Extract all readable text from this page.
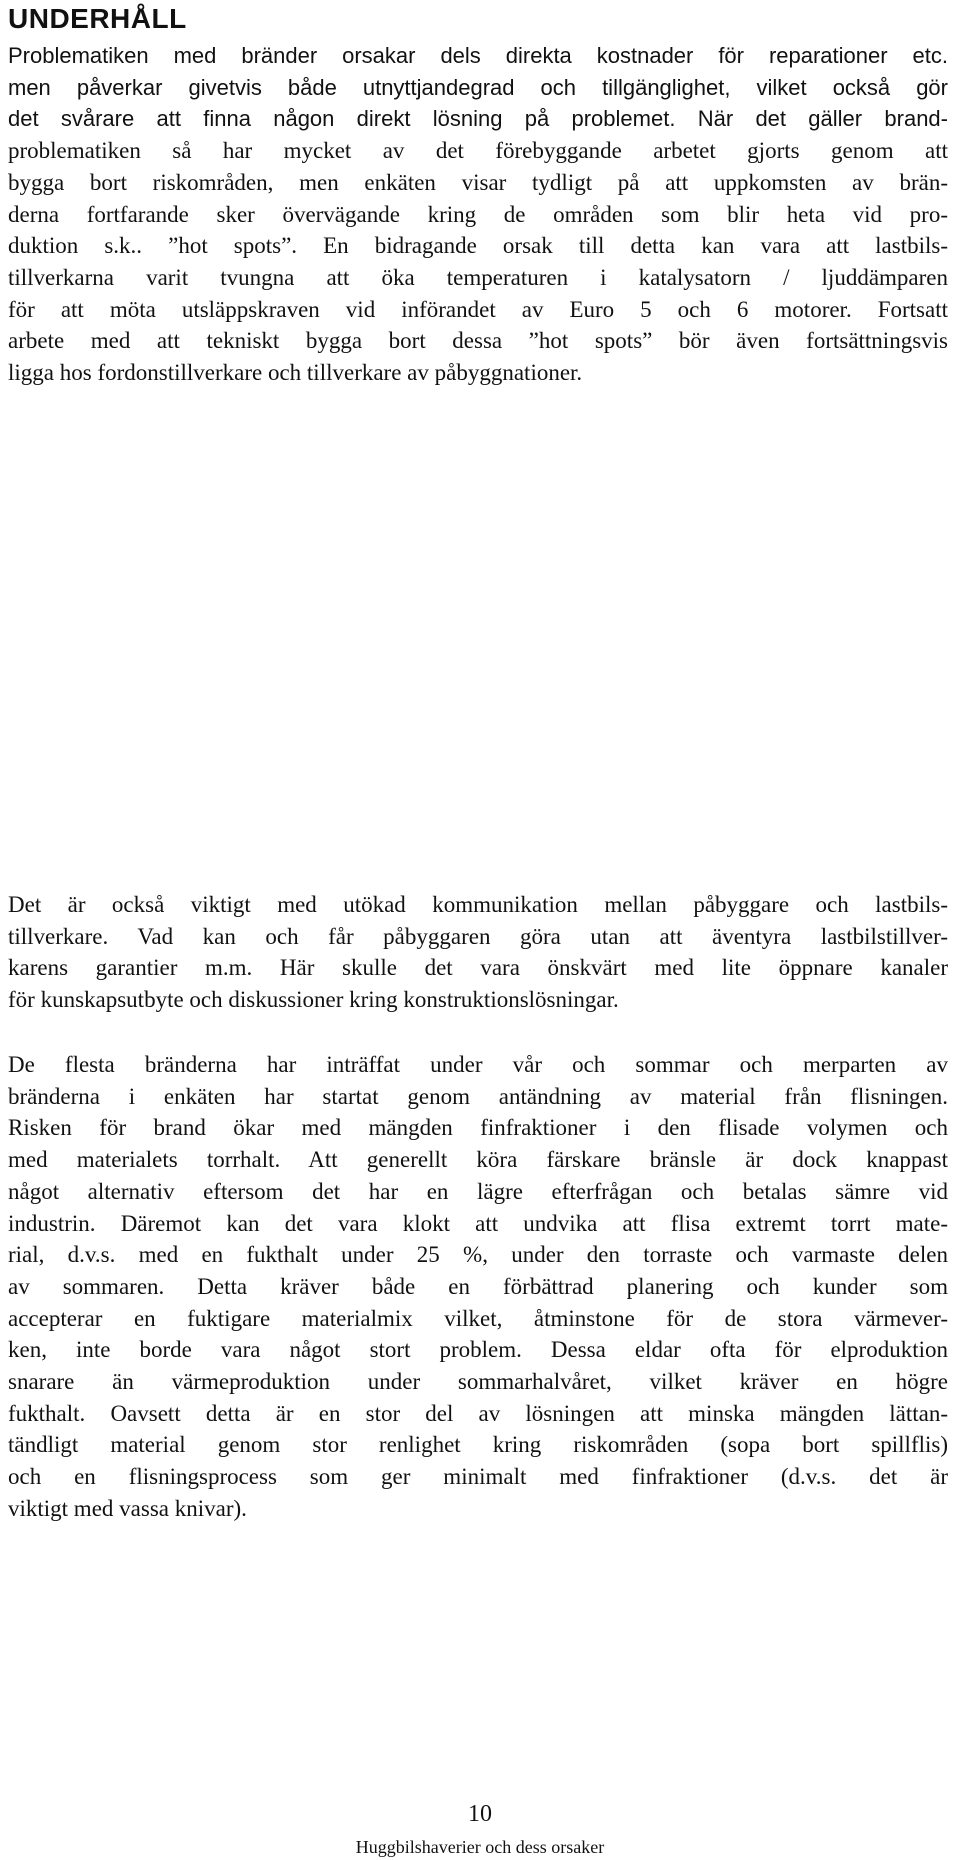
UNDERHÅLL
Problematiken med bränder orsakar dels direkta kostnader för reparationer etc.
men påverkar givetvis både utnyttjandegrad och tillgänglighet, vilket också gör
det svårare att finna någon direkt lösning på problemet. När det gäller brand-
problematiken så har mycket av det förebyggande arbetet gjorts genom att
bygga bort riskområden, men enkäten visar tydligt på att uppkomsten av brän-
derna fortfarande sker övervägande kring de områden som blir heta vid pro-
duktion s.k.. ”hot spots”. En bidragande orsak till detta kan vara att lastbils-
tillverkarna varit tvungna att öka temperaturen i katalysatorn / ljuddämparen
för att möta utsläppskraven vid införandet av Euro 5 och 6 motorer. Fortsatt
arbete med att tekniskt bygga bort dessa ”hot spots” bör även fortsättningsvis
ligga hos fordonstillverkare och tillverkare av påbyggnationer.
Det är också viktigt med utökad kommunikation mellan påbyggare och lastbils-
tillverkare. Vad kan och får påbyggaren göra utan att äventyra lastbilstillver-
karens garantier m.m. Här skulle det vara önskvärt med lite öppnare kanaler
för kunskapsutbyte och diskussioner kring konstruktionslösningar.
De flesta bränderna har inträffat under vår och sommar och merparten av
bränderna i enkäten har startat genom antändning av material från flisningen.
Risken för brand ökar med mängden finfraktioner i den flisade volymen och
med materialets torrhalt. Att generellt köra färskare bränsle är dock knappast
något alternativ eftersom det har en lägre efterfrågan och betalas sämre vid
industrin. Däremot kan det vara klokt att undvika att flisa extremt torrt mate-
rial, d.v.s. med en fukthalt under 25 %, under den torraste och varmaste delen
av sommaren. Detta kräver både en förbättrad planering och kunder som
accepterar en fuktigare materialmix vilket, åtminstone för de stora värmever-
ken, inte borde vara något stort problem. Dessa eldar ofta för elproduktion
snarare än värmeproduktion under sommarhalvåret, vilket kräver en högre
fukthalt. Oavsett detta är en stor del av lösningen att minska mängden lättan-
tändligt material genom stor renlighet kring riskområden (sopa bort spillflis)
och en flisningsprocess som ger minimalt med finfraktioner (d.v.s. det är
viktigt med vassa knivar).
10
Huggbilshaverier och dess orsaker
